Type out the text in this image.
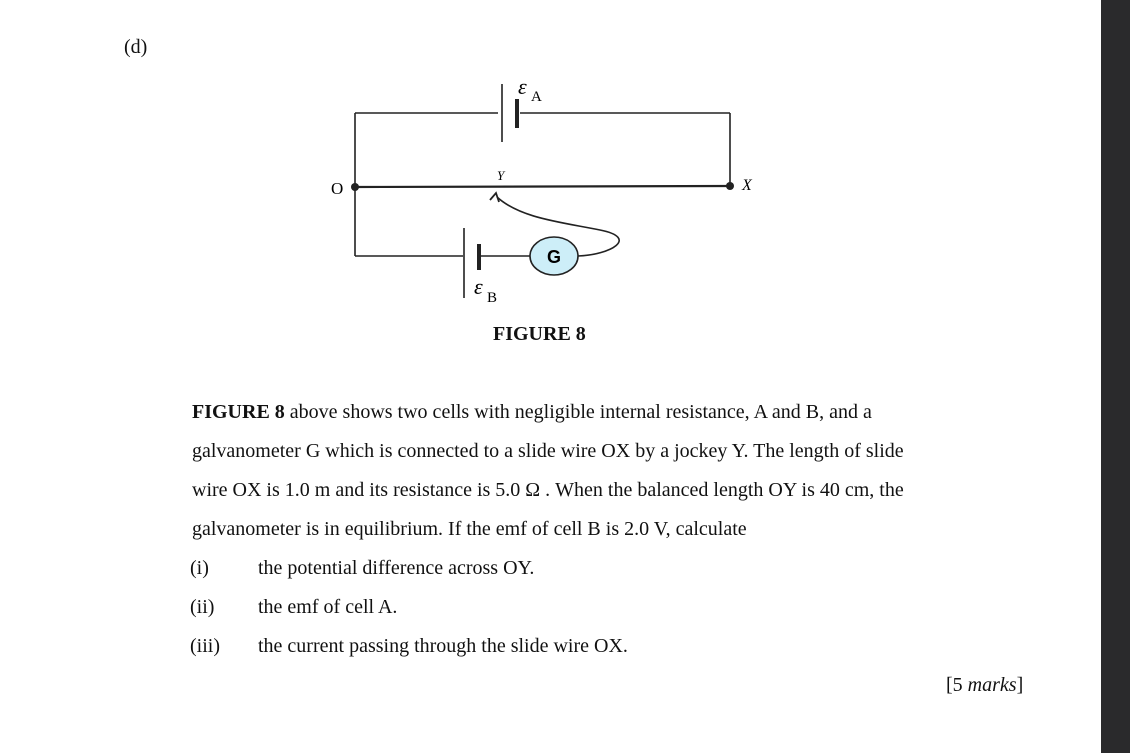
(d)
G
ε A
ε B
O	X
Y
FIGURE 8
FIGURE 8 above shows two cells with negligible internal resistance, A and B, and a
galvanometer G which is connected to a slide wire OX by a jockey Y. The length of slide
wire OX is 1.0 m and its resistance is 5.0 Ω . When the balanced length OY is 40 cm, the
galvanometer is in equilibrium. If the emf of cell B is 2.0 V, calculate
(i) the potential difference across OY.
(ii) the emf of cell A.
(iii) the current passing through the slide wire OX.
[5 marks]
